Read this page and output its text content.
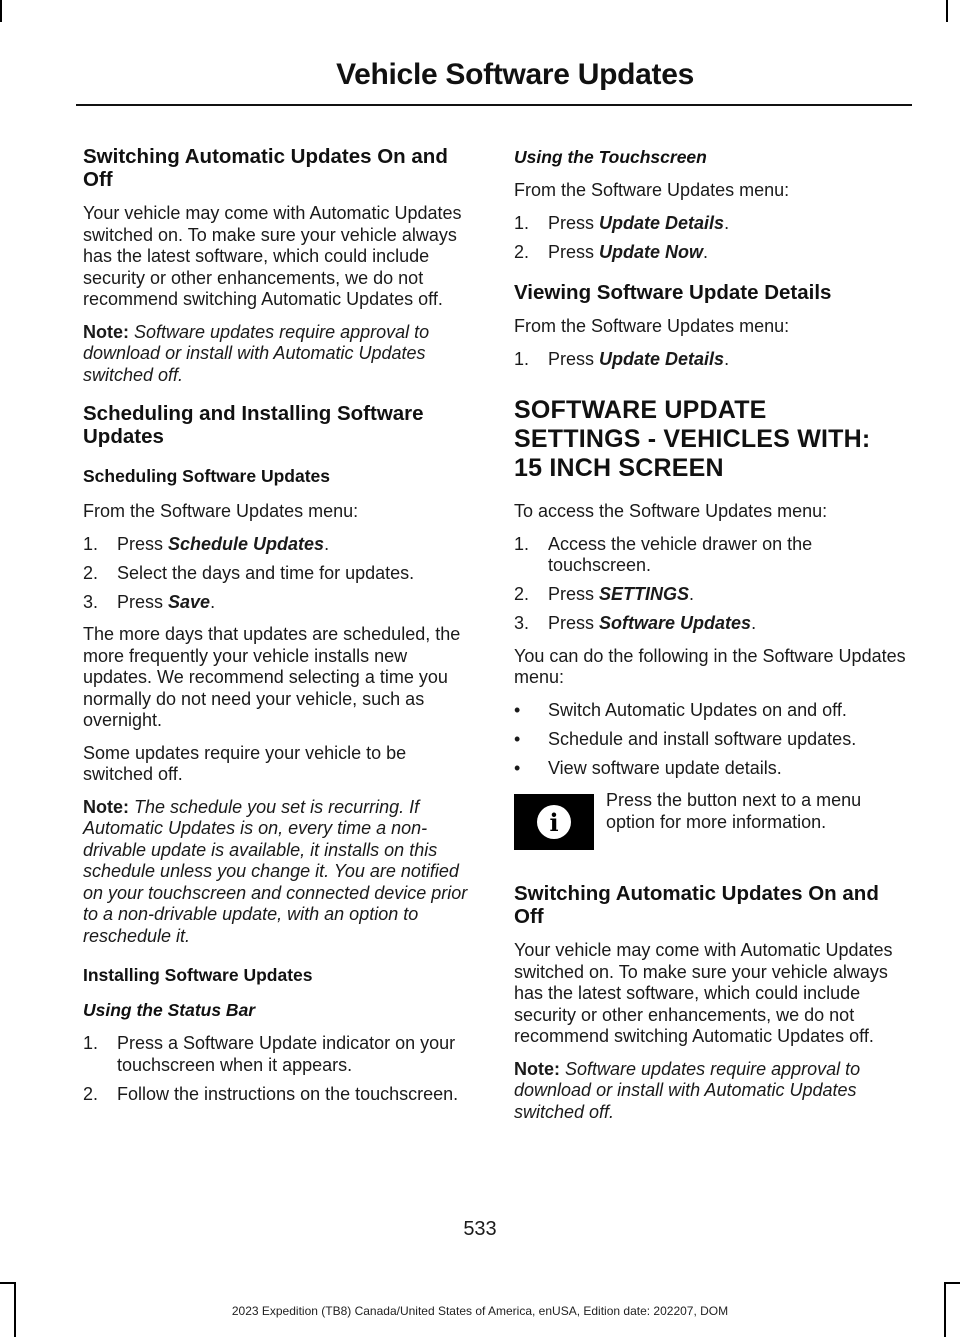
Vehicle Software Updates
Switching Automatic Updates On and Off

Your vehicle may come with Automatic Updates switched on. To make sure your vehicle always has the latest software, which could include security or other enhancements, we do not recommend switching Automatic Updates off.

Note: Software updates require approval to download or install with Automatic Updates switched off.

Scheduling and Installing Software Updates
Scheduling Software Updates

From the Software Updates menu:

1. Press Schedule Updates.
2. Select the days and time for updates.
3. Press Save.

The more days that updates are scheduled, the more frequently your vehicle installs new updates. We recommend selecting a time you normally do not need your vehicle, such as overnight.

Some updates require your vehicle to be switched off.

Note: The schedule you set is recurring. If Automatic Updates is on, every time a non-drivable update is available, it installs on this schedule unless you change it. You are notified on your touchscreen and connected device prior to a non-drivable update, with an option to reschedule it.

Installing Software Updates
Using the Status Bar
1. Press a Software Update indicator on your touchscreen when it appears.
2. Follow the instructions on the touchscreen.
Using the Touchscreen

From the Software Updates menu:

1. Press Update Details.
2. Press Update Now.
Viewing Software Update Details

From the Software Updates menu:

1. Press Update Details.
SOFTWARE UPDATE
SETTINGS - VEHICLES WITH:
15 INCH SCREEN

To access the Software Updates menu:

1. Access the vehicle drawer on the touchscreen.
2. Press SETTINGS.
3. Press Software Updates.

You can do the following in the Software Updates menu:

• Switch Automatic Updates on and off.
• Schedule and install software updates.
• View software update details.
i
Press the button next to a menu option for more information.
Switching Automatic Updates On and Off

Your vehicle may come with Automatic Updates switched on. To make sure your vehicle always has the latest software, which could include security or other enhancements, we do not recommend switching Automatic Updates off.

Note: Software updates require approval to download or install with Automatic Updates switched off.

533
2023 Expedition (TB8) Canada/United States of America, enUSA, Edition date: 202207, DOM
